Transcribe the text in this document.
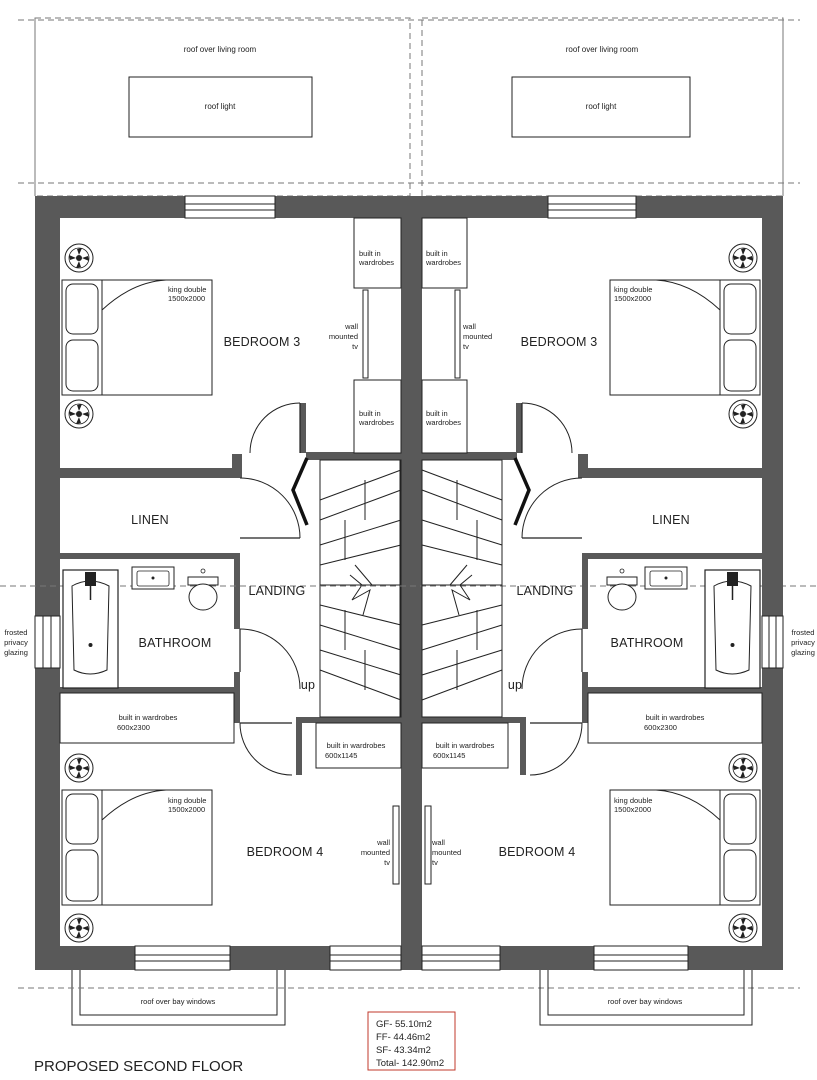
roof over living room
roof light
BEDROOM 3
LINEN
LANDING
BATHROOM
up
BEDROOM 4
king double
1500x2000
king double
1500x2000
built in
wardrobes
built in
wardrobes
wall
mounted
tv
built in wardrobes
600x2300
built in wardrobes
600x1145
wall
mounted
tv
frosted
privacy
glazing
roof over bay windows
roof over living room
roof light
BEDROOM 3
LINEN
LANDING
BATHROOM
up
BEDROOM 4
king double
1500x2000
king double
1500x2000
built in
wardrobes
built in
wardrobes
wall
mounted
tv
built in wardrobes
600x2300
built in wardrobes
600x1145
wall
mounted
tv
frosted
privacy
glazing
roof over bay windows
GF- 55.10m2
FF- 44.46m2
SF- 43.34m2
Total- 142.90m2
PROPOSED SECOND FLOOR
